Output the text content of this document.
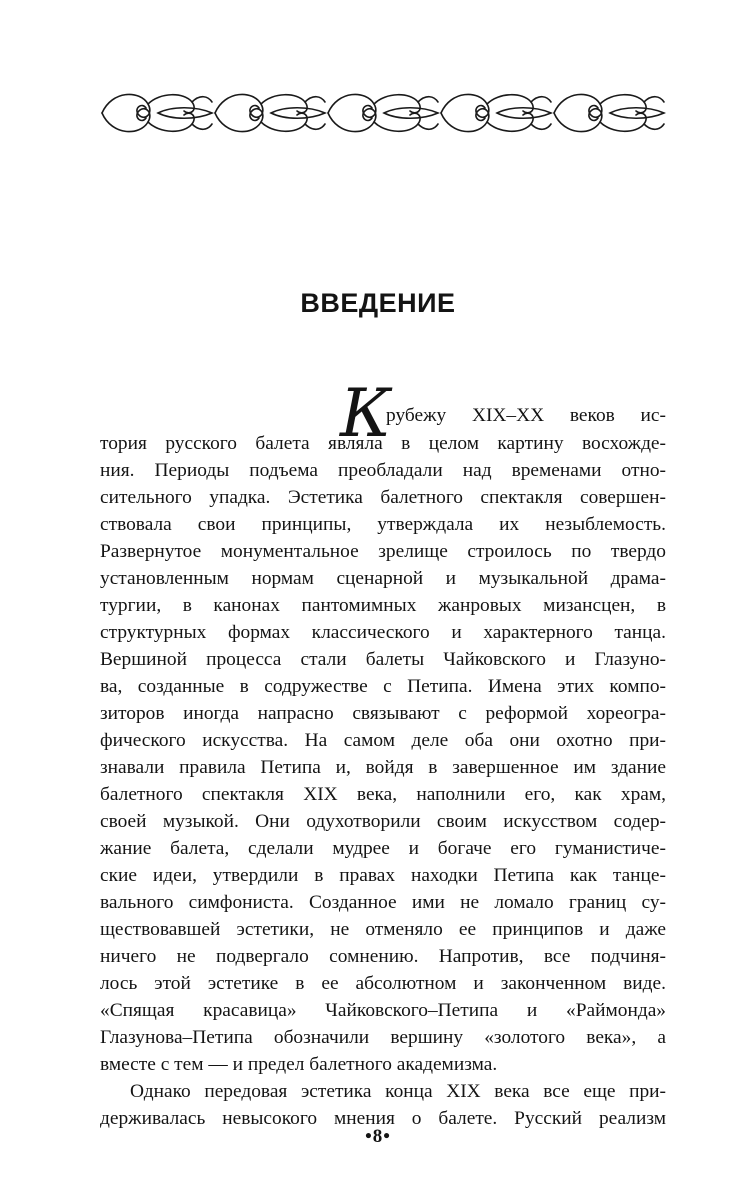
ВВЕДЕНИЕ
К

рубежу XIX–XX веков ис-

тория русского балета являла в целом картину восхожде-

ния. Периоды подъема преобладали над временами отно-

сительного упадка. Эстетика балетного спектакля совершен-

ствовала свои принципы, утверждала их незыблемость.

Развернутое монументальное зрелище строилось по твердо

установленным нормам сценарной и музыкальной драма-

тургии, в канонах пантомимных жанровых мизансцен, в

структурных формах классического и характерного танца.

Вершиной процесса стали балеты Чайковского и Глазуно-

ва, созданные в содружестве с Петипа. Имена этих компо-

зиторов иногда напрасно связывают с реформой хореогра-

фического искусства. На самом деле оба они охотно при-

знавали правила Петипа и, войдя в завершенное им здание

балетного спектакля XIX века, наполнили его, как храм,

своей музыкой. Они одухотворили своим искусством содер-

жание балета, сделали мудрее и богаче его гуманистиче-

ские идеи, утвердили в правах находки Петипа как танце-

вального симфониста. Созданное ими не ломало границ су-

ществовавшей эстетики, не отменяло ее принципов и даже

ничего не подвергало сомнению. Напротив, все подчиня-

лось этой эстетике в ее абсолютном и законченном виде.

«Спящая красавица» Чайковского–Петипа и «Раймонда»

Глазунова–Петипа обозначили вершину «золотого века», а

вместе с тем — и предел балетного академизма.

Однако передовая эстетика конца XIX века все еще при-

держивалась невысокого мнения о балете. Русский реализм

•8•
